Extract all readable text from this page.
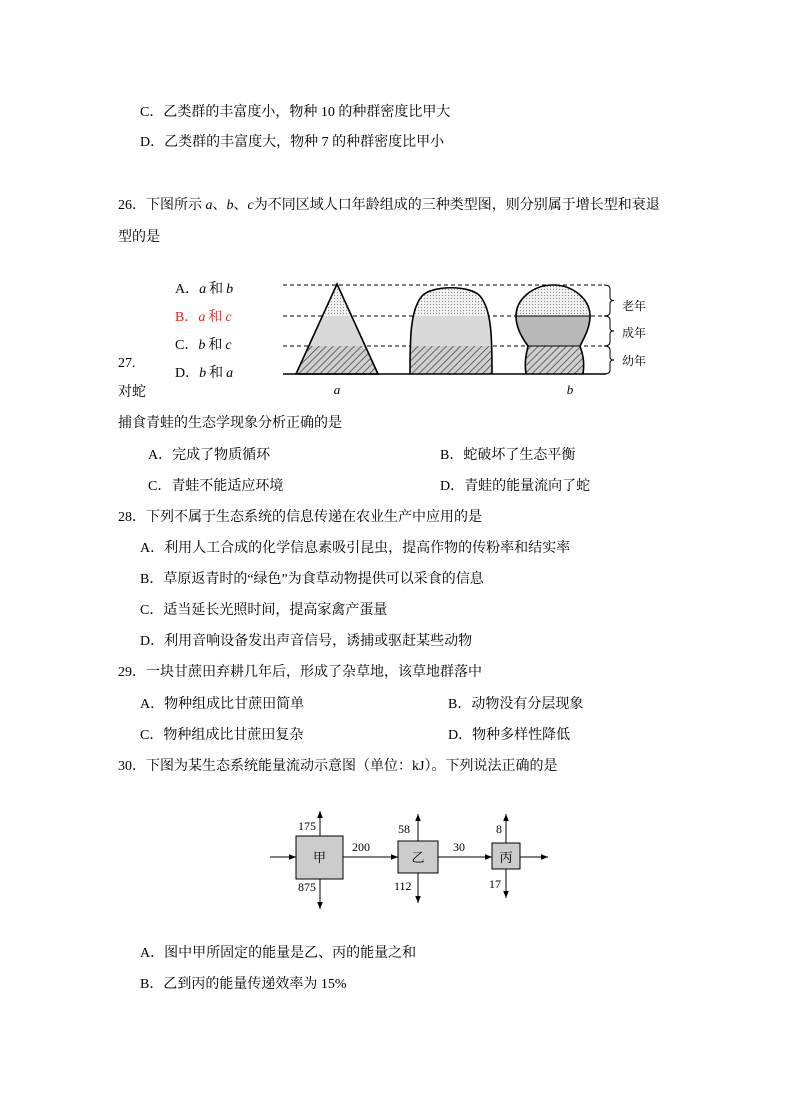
C．乙类群的丰富度小，物种 10 的种群密度比甲大
D．乙类群的丰富度大，物种 7 的种群密度比甲小
26．下图所示 a、b、c为不同区域人口年龄组成的三种类型图，则分别属于增长型和衰退
型的是
A．a 和 b
B．a 和 c
C．b 和 c
D．b 和 a
老年
成年
幼年
a	b
27.
对蛇
捕食青蛙的生态学现象分析正确的是
A．完成了物质循环	B．蛇破坏了生态平衡
C．青蛙不能适应环境	D．青蛙的能量流向了蛇
28．下列不属于生态系统的信息传递在农业生产中应用的是
A．利用人工合成的化学信息素吸引昆虫，提高作物的传粉率和结实率
B．草原返青时的“绿色”为食草动物提供可以采食的信息
C．适当延长光照时间，提高家禽产蛋量
D．利用音响设备发出声音信号，诱捕或驱赶某些动物
29．一块甘蔗田弃耕几年后，形成了杂草地，该草地群落中
A．物种组成比甘蔗田简单	B．动物没有分层现象
C．物种组成比甘蔗田复杂	D．物种多样性降低
30．下图为某生态系统能量流动示意图（单位：kJ）。下列说法正确的是
甲	乙	丙
175
875
200
58
112
30
8
17
A．图中甲所固定的能量是乙、丙的能量之和
B．乙到丙的能量传递效率为 15%
